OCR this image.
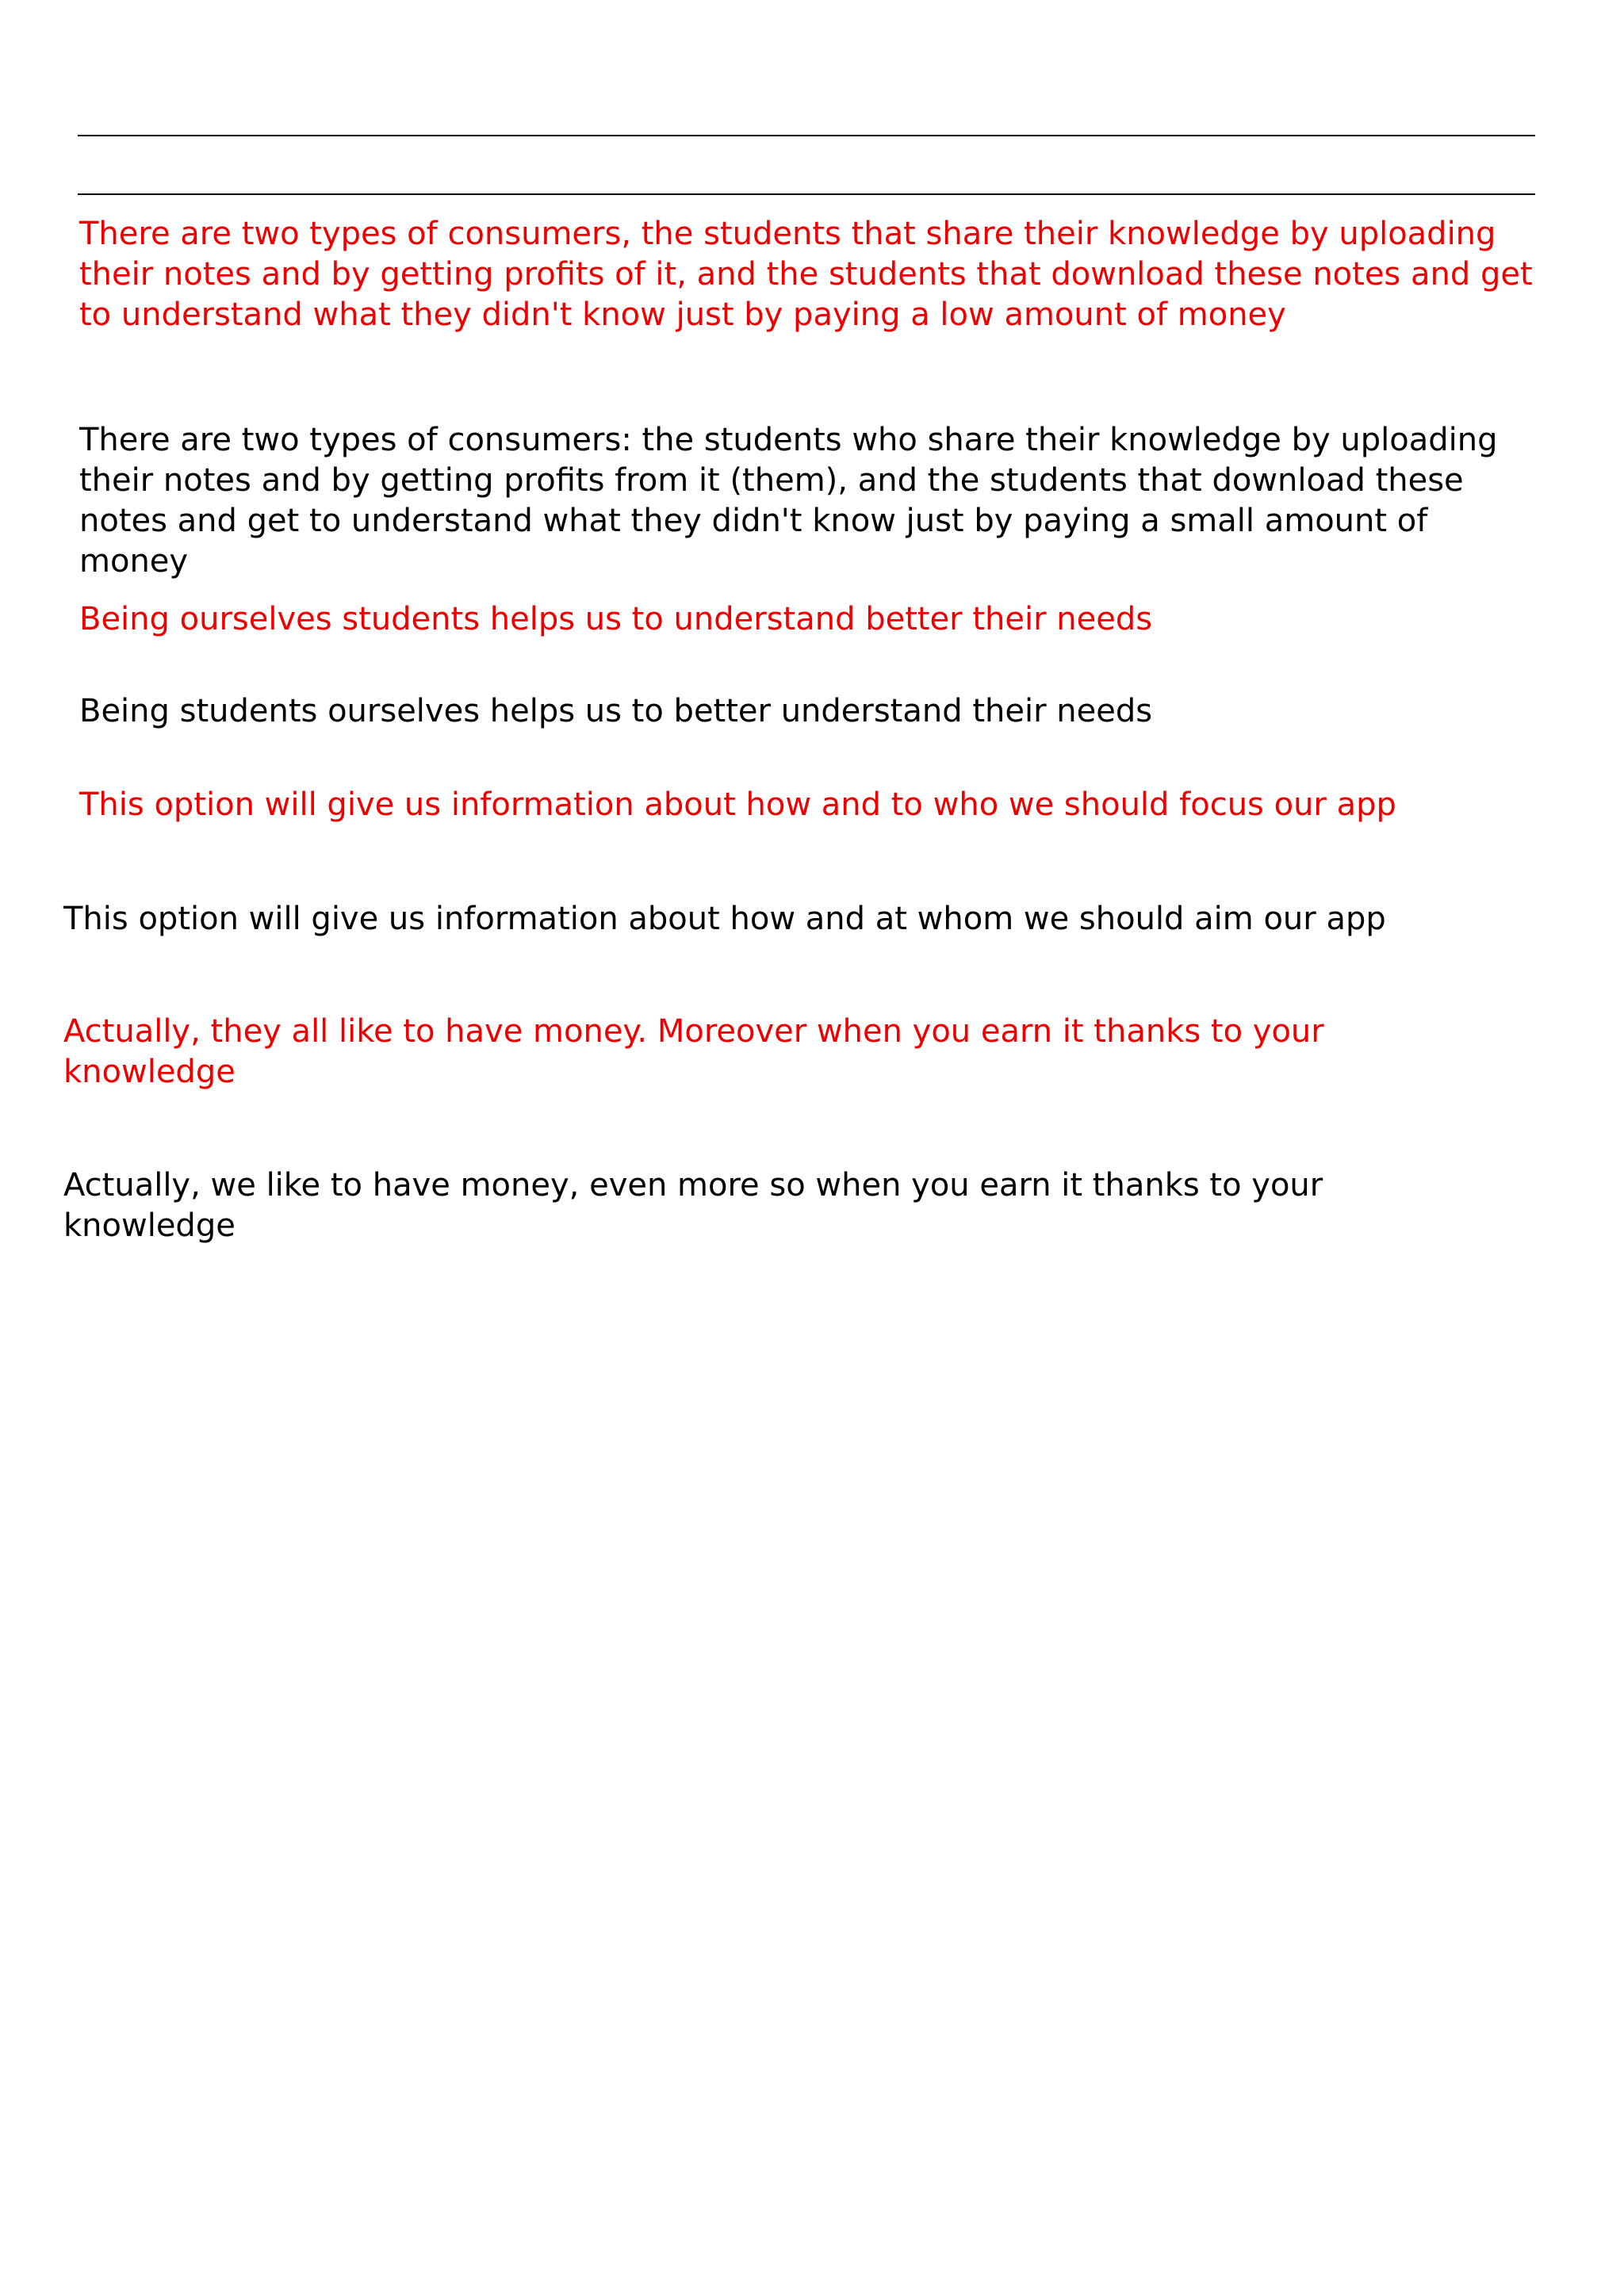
There are two types of consumers, the students that share their knowledge by uploading their notes and by getting profits of it, and the students that download these notes and get to understand what they didn't know just by paying a low amount of money

There are two types of consumers: the students who share their knowledge by uploading their notes and by getting profits from it (them), and the students that download these notes and get to understand what they didn't know just by paying a small amount of money

Being ourselves students helps us to understand better their needs

Being students ourselves helps us to better understand their needs

This option will give us information about how and to who we should focus our app

This option will give us information about how and at whom we should aim our app

Actually, they all like to have money. Moreover when you earn it thanks to your knowledge

Actually, we like to have money, even more so when you earn it thanks to your knowledge
